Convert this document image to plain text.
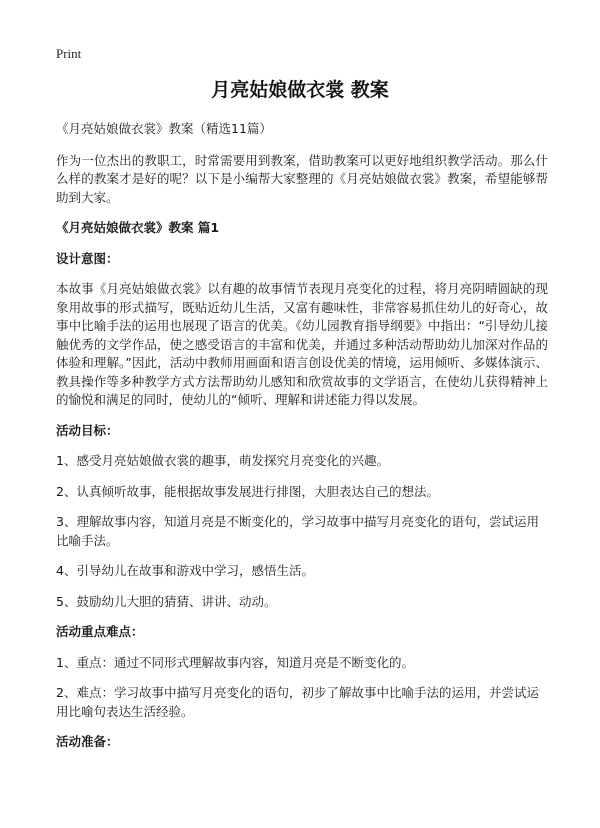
Print
月亮姑娘做衣裳 教案

《月亮姑娘做衣裳》教案（精选11篇）

作为一位杰出的教职工，时常需要用到教案，借助教案可以更好地组织教学活动。那么什么样的教案才是好的呢？以下是小编帮大家整理的《月亮姑娘做衣裳》教案，希望能够帮助到大家。

《月亮姑娘做衣裳》教案 篇1

设计意图：

本故事《月亮姑娘做衣裳》以有趣的故事情节表现月亮变化的过程，将月亮阴晴圆缺的现象用故事的形式描写，既贴近幼儿生活，又富有趣味性，非常容易抓住幼儿的好奇心，故事中比喻手法的运用也展现了语言的优美。《幼儿园教育指导纲要》中指出：“引导幼儿接触优秀的文学作品，使之感受语言的丰富和优美，并通过多种活动帮助幼儿加深对作品的体验和理解。”因此，活动中教师用画面和语言创设优美的情境，运用倾听、多媒体演示、教具操作等多种教学方式方法帮助幼儿感知和欣赏故事的文学语言，在使幼儿获得精神上的愉悦和满足的同时，使幼儿的“倾听、理解和讲述能力得以发展。

活动目标：

1、感受月亮姑娘做衣裳的趣事，萌发探究月亮变化的兴趣。

2、认真倾听故事，能根据故事发展进行排图，大胆表达自己的想法。

3、理解故事内容，知道月亮是不断变化的，学习故事中描写月亮变化的语句，尝试运用比喻手法。

4、引导幼儿在故事和游戏中学习，感悟生活。

5、鼓励幼儿大胆的猜猜、讲讲、动动。

活动重点难点：

1、重点：通过不同形式理解故事内容，知道月亮是不断变化的。

2、难点：学习故事中描写月亮变化的语句，初步了解故事中比喻手法的运用，并尝试运用比喻句表达生活经验。

活动准备：
